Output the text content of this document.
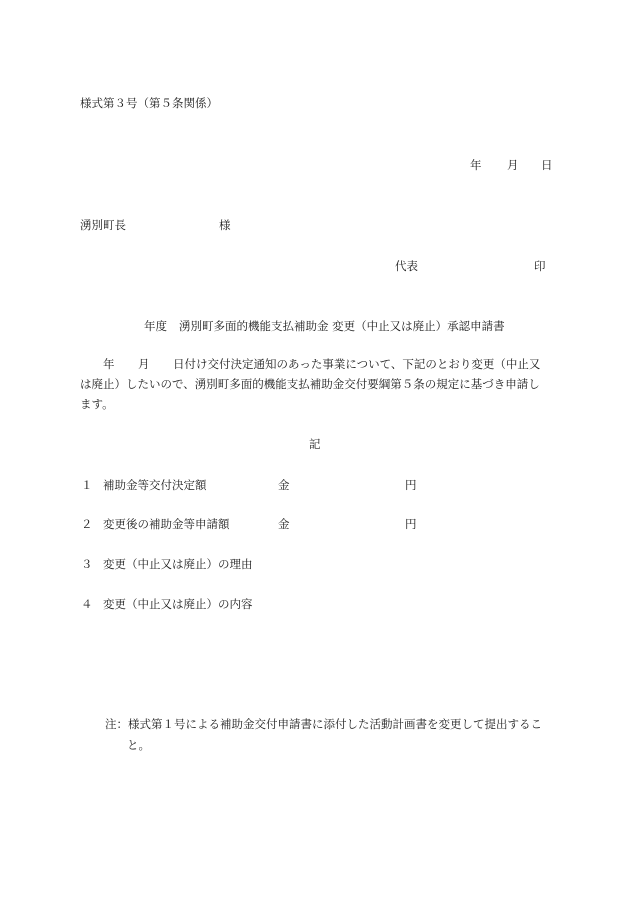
様式第３号（第５条関係）
年 月 日
湧別町長	様
代表	印
年度 湧別町多面的機能支払補助金 変更（中止又は廃止）承認申請書
年 月 日付け交付決定通知のあった事業について、下記のとおり変更（中止又
は廃止）したいので、湧別町多面的機能支払補助金交付要綱第５条の規定に基づき申請し
ます。
記
１ 補助金等交付決定額	金	円
２ 変更後の補助金等申請額	金	円
３ 変更（中止又は廃止）の理由
４ 変更（中止又は廃止）の内容
注：様式第１号による補助金交付申請書に添付した活動計画書を変更して提出するこ
と。
